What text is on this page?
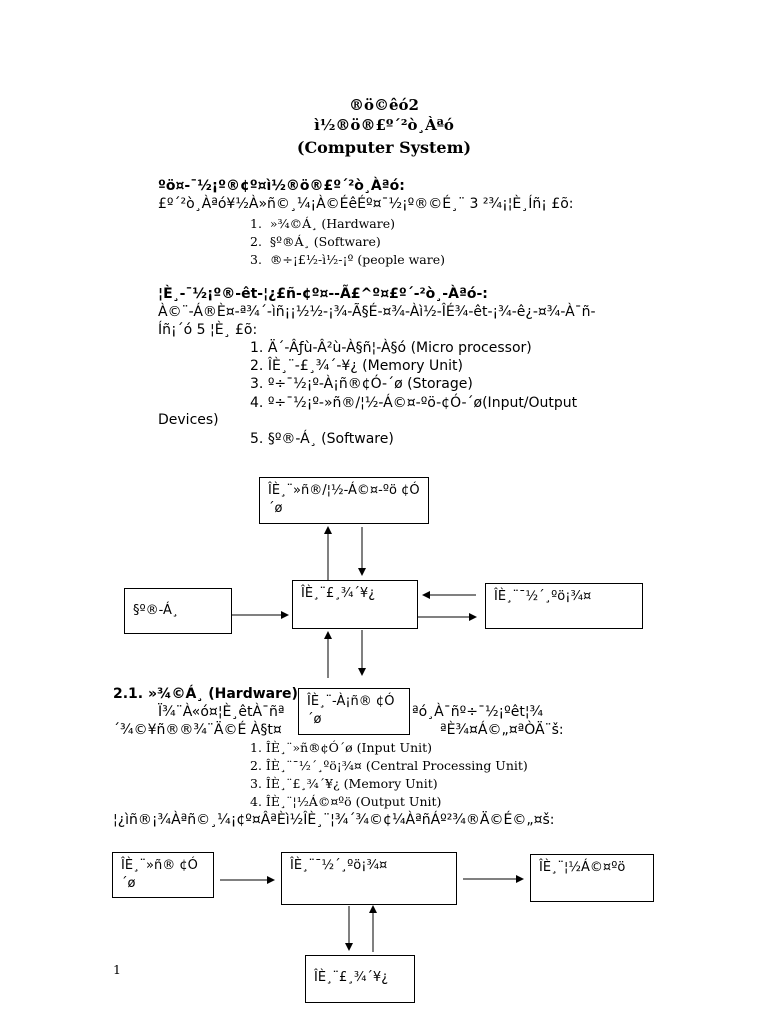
®ö©êó2
ì½®ö®£º´²ò¸Àªó
(Computer System)
ºö¤-¯½¡º®¢º¤ì½®ö®£º´²ò¸Àªó:
£º´²ò¸Àªó¥½À»ñ©¸¼¡À©ÉêÉº¤¯½¡º®©É¸¨ 3 ²¾¡¦È¸Íñ¡ £õ:
1. »¾©Á¸ (Hardware)
2. §º®Á¸ (Software)
3. ®÷¡£½-ì½-¡º (people ware)
¦È¸-¯½¡º®-êt-¦¿£ñ-¢º¤--Ã£^º¤£º´-²ò¸-Àªó-:
À©¨-Á®È¤-ª¾´-ìñ¡¡½½-¡¾-Ã§É-¤¾-Àì½-ÎÉ¾-êt-¡¾-ê¿-¤¾-À¯ñ-
Íñ¡´ó 5 ¦È¸ £õ:
1. Ä´-Âƒù-Â²ù-À§ñ¦-À§ó (Micro processor)
2. ÎÈ¸¨-£¸¾´-¥¿ (Memory Unit)
3. º÷¯½¡º-À¡ñ®¢Ó-´ø (Storage)
4. º÷¯½¡º-»ñ®/¦½-Á©¤-ºö-¢Ó-´ø(Input/Output
Devices)
5. §º®-Á¸ (Software)
ÎÈ¸¨»ñ®/¦½-Á©¤-ºö ¢Ó´ø
§º®-Á¸
ÎÈ¸¨£¸¾´¥¿	ÎÈ¸¨¯½´¸ºö¡¾¤
2.1. »¾©Á¸ (Hardware)
Ï¾¨À«ó¤¦È¸êtÀ¯ñª	ªó¸À¯ñº÷¯½¡ºêt¦¾
´¾©¥ñ®®¾¨Ä©É À§t¤	ªÈ¾¤Á©„¤ªÒÄ¨š:
ÎÈ¸¨-À¡ñ® ¢Ó´ø
1. ÎÈ¸¨»ñ®¢Ó´ø (Input Unit)
2. ÎÈ¸¨¯½´¸ºö¡¾¤ (Central Processing Unit)
3. ÎÈ¸¨£¸¾´¥¿ (Memory Unit)
4. ÎÈ¸¨¦½Á©¤ºö (Output Unit)
¦¿ìñ®¡¾Àªñ©¸¼¡¢º¤ÂªÈì½ÎÈ¸¨¦¾´¾©¢¼ÀªñÁº²¾®Ä©É©„¤š:
ÎÈ¸¨»ñ® ¢Ó´ø
ÎÈ¸¨¯½´¸ºö¡¾¤	ÎÈ¸¨¦½Á©¤ºö
ÎÈ¸¨£¸¾´¥¿
1
